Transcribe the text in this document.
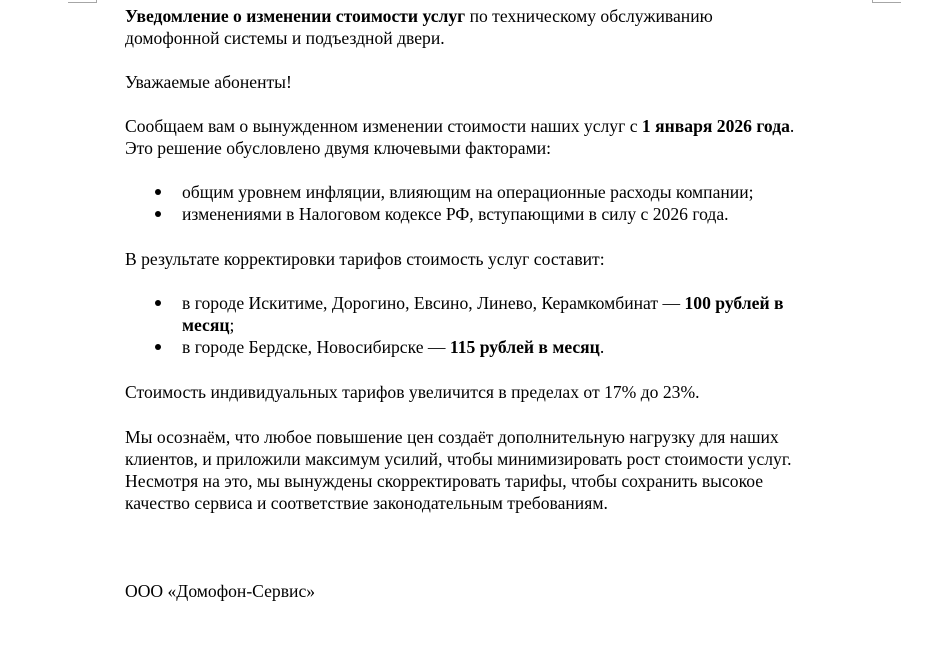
Уведомление о изменении стоимости услуг по техническому обслуживанию
домофонной системы и подъездной двери.

Уважаемые абоненты!

Сообщаем вам о вынужденном изменении стоимости наших услуг с 1 января 2026 года.
Это решение обусловлено двумя ключевыми факторами:

общим уровнем инфляции, влияющим на операционные расходы компании;
изменениями в Налоговом кодексе РФ, вступающими в силу с 2026 года.

В результате корректировки тарифов стоимость услуг составит:

в городе Искитиме, Дорогино, Евсино, Линево, Керамкомбинат — 100 рублей в
месяц;
в городе Бердске, Новосибирске — 115 рублей в месяц.

Стоимость индивидуальных тарифов увеличится в пределах от 17% до 23%.

Мы осознаём, что любое повышение цен создаёт дополнительную нагрузку для наших
клиентов, и приложили максимум усилий, чтобы минимизировать рост стоимости услуг.
Несмотря на это, мы вынуждены скорректировать тарифы, чтобы сохранить высокое
качество сервиса и соответствие законодательным требованиям.

ООО «Домофон-Сервис»
